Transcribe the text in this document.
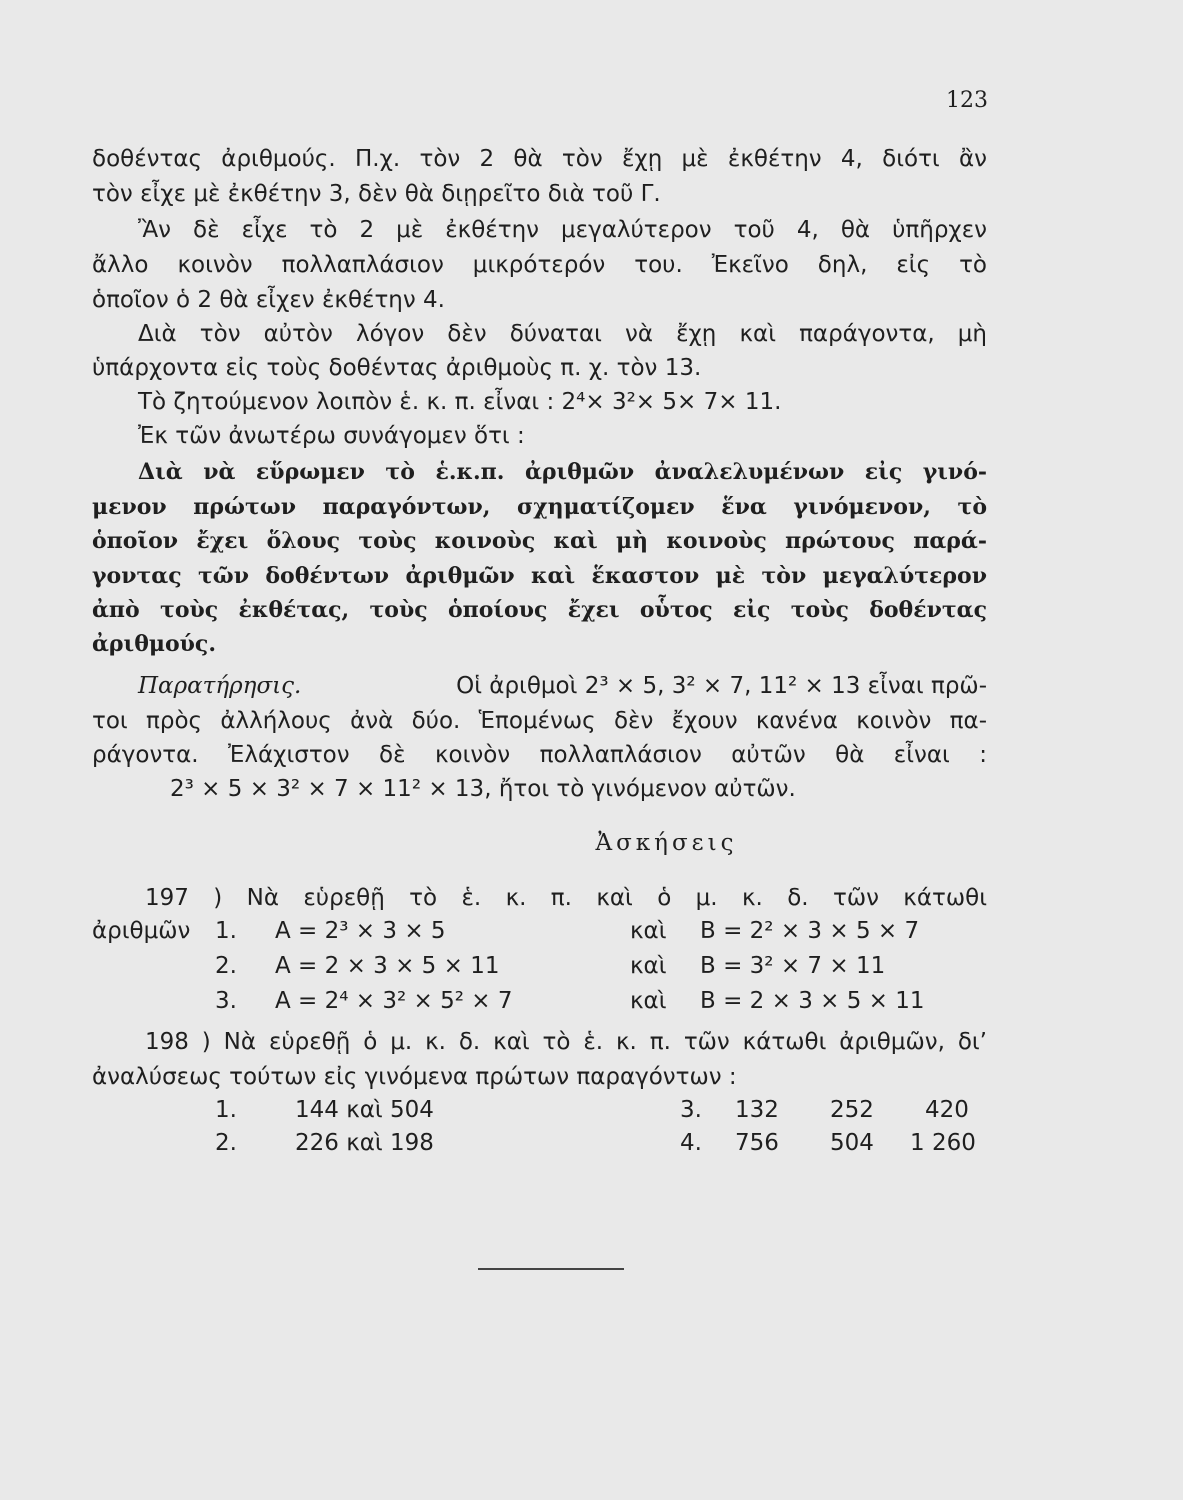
123
δοθέντας ἀριθμούς. Π.χ. τὸν 2 θὰ τὸν ἔχῃ μὲ ἐκθέτην 4, διότι ἂν
τὸν εἶχε μὲ ἐκθέτην 3, δὲν θὰ διῃρεῖτο διὰ τοῦ Γ.
Ἂν δὲ εἶχε τὸ 2 μὲ ἐκθέτην μεγαλύτερον τοῦ 4, θὰ ὑπῆρχεν
ἄλλο κοινὸν πολλαπλάσιον μικρότερόν του. Ἐκεῖνο δηλ, εἰς τὸ
ὁποῖον ὁ 2 θὰ εἶχεν ἐκθέτην 4.
Διὰ τὸν αὐτὸν λόγον δὲν δύναται νὰ ἔχῃ καὶ παράγοντα, μὴ
ὑπάρχοντα εἰς τοὺς δοθέντας ἀριθμοὺς π. χ. τὸν 13.
Τὸ ζητούμενον λοιπὸν ἑ. κ. π. εἶναι : 2⁴× 3²× 5× 7× 11.
Ἐκ τῶν ἀνωτέρω συνάγομεν ὅτι :
Διὰ νὰ εὕρωμεν τὸ ἑ.κ.π. ἀριθμῶν ἀναλελυμένων εἰς γινό-
μενον πρώτων παραγόντων, σχηματίζομεν ἕνα γινόμενον, τὸ
ὁποῖον ἔχει ὅλους τοὺς κοινοὺς καὶ μὴ κοινοὺς πρώτους παρά-
γοντας τῶν δοθέντων ἀριθμῶν καὶ ἕκαστον μὲ τὸν μεγαλύτερον
ἀπὸ τοὺς ἐκθέτας, τοὺς ὁποίους ἔχει οὗτος εἰς τοὺς δοθέντας
ἀριθμούς.
Παρατήρησις.	Οἱ ἀριθμοὶ 2³ × 5, 3² × 7, 11² × 13 εἶναι πρῶ-
τοι πρὸς ἀλλήλους ἀνὰ δύο. Ἑπομένως δὲν ἔχουν κανένα κοινὸν πα-
ράγοντα. Ἐλάχιστον δὲ κοινὸν πολλαπλάσιον αὐτῶν θὰ εἶναι :
2³ × 5 × 3² × 7 × 11² × 13, ἤτοι τὸ γινόμενον αὐτῶν.
Ἀσκήσεις
197 ) Νὰ εὑρεθῇ τὸ ἑ. κ. π. καὶ ὁ μ. κ. δ. τῶν κάτωθι
ἀριθμῶν 1. Α = 2³ × 3 × 5	καὶ Β = 2² × 3 × 5 × 7
2. Α = 2 × 3 × 5 × 11	καὶ Β = 3² × 7 × 11
3. Α = 2⁴ × 3² × 5² × 7	καὶ Β = 2 × 3 × 5 × 11
198 ) Νὰ εὑρεθῇ ὁ μ. κ. δ. καὶ τὸ ἑ. κ. π. τῶν κάτωθι ἀριθμῶν, δι’
ἀναλύσεως τούτων εἰς γινόμενα πρώτων παραγόντων :
1.	144 καὶ 504	3. 132 252 420
2.	226 καὶ 198	4. 756 504 1 260
